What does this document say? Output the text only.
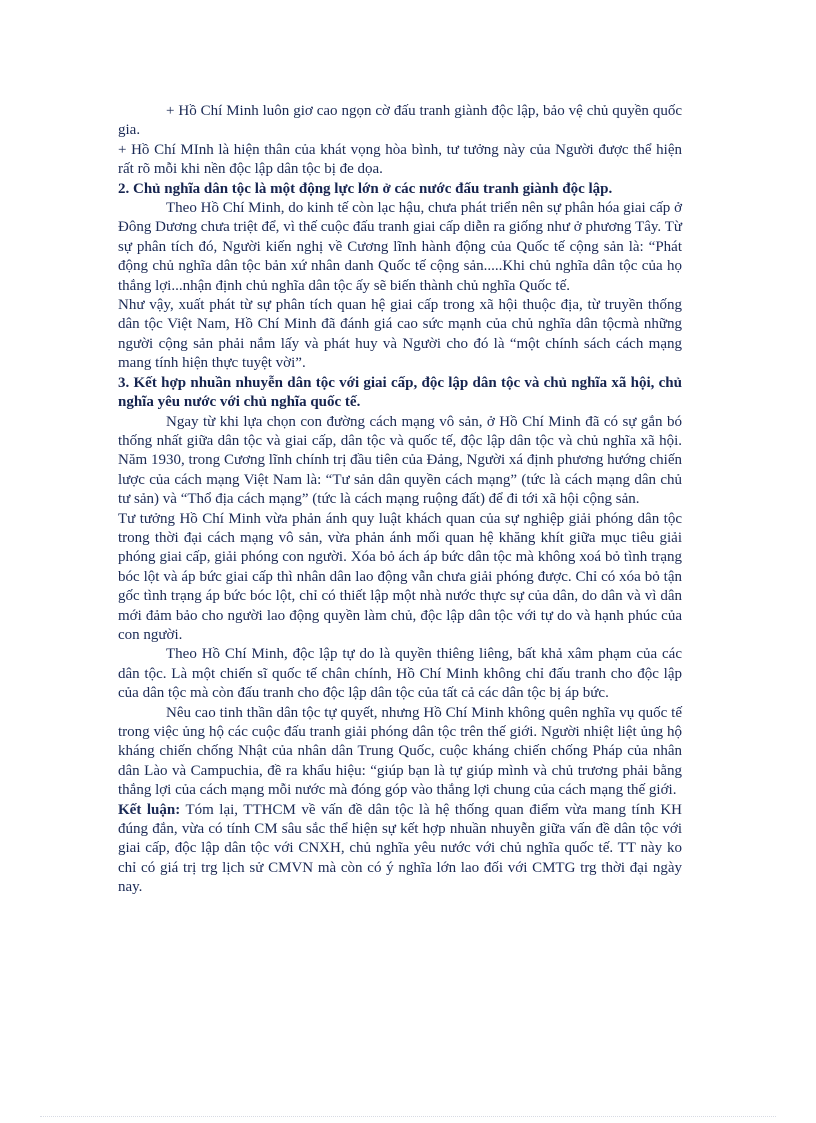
+ Hồ Chí Minh luôn giơ cao ngọn cờ đấu tranh giành độc lập, bảo vệ chủ quyền quốc gia.

+ Hồ Chí MInh là hiện thân của khát vọng hòa bình, tư tưởng này của Người được thể hiện rất rõ mỗi khi nền độc lập dân tộc bị đe dọa.

2. Chủ nghĩa dân tộc là một động lực lớn ở các nước đấu tranh giành độc lập.

Theo Hồ Chí Minh, do kinh tế còn lạc hậu, chưa phát triển nên sự phân hóa giai cấp ở Đông Dương chưa triệt để, vì thế cuộc đấu tranh giai cấp diễn ra giống như ở phương Tây. Từ sự phân tích đó, Người kiến nghị về Cương lĩnh hành động của Quốc tế cộng sản là: “Phát động chủ nghĩa dân tộc bản xứ nhân danh Quốc tế cộng sản.....Khi chủ nghĩa dân tộc của họ thắng lợi...nhận định chủ nghĩa dân tộc ấy sẽ biến thành chủ nghĩa Quốc tế.

Như vậy, xuất phát từ sự phân tích quan hệ giai cấp trong xã hội thuộc địa, từ truyền thống dân tộc Việt Nam, Hồ Chí Minh đã đánh giá cao sức mạnh của chủ nghĩa dân tộcmà những người cộng sản phải nắm lấy và phát huy và Người cho đó là “một chính sách cách mạng mang tính hiện thực tuyệt vời”.

3. Kết hợp nhuần nhuyễn dân tộc với giai cấp, độc lập dân tộc và chủ nghĩa xã hội, chủ nghĩa yêu nước với chủ nghĩa quốc tế.

Ngay từ khi lựa chọn con đường cách mạng vô sản, ở Hồ Chí Minh đã có sự gắn bó thống nhất giữa dân tộc và giai cấp, dân tộc và quốc tế, độc lập dân tộc và chủ nghĩa xã hội. Năm 1930, trong Cương lĩnh chính trị đầu tiên của Đảng, Người xá định phương hướng chiến lược của cách mạng Việt Nam là: “Tư sản dân quyền cách mạng” (tức là cách mạng dân chủ tư sản) và “Thổ địa cách mạng” (tức là cách mạng ruộng đất) để đi tới xã hội cộng sản.

Tư tưởng Hồ Chí Minh vừa phản ánh quy luật khách quan của sự nghiệp giải phóng dân tộc trong thời đại cách mạng vô sản, vừa phản ánh mối quan hệ khăng khít giữa mục tiêu giải phóng giai cấp, giải phóng con người. Xóa bỏ ách áp bức dân tộc mà không xoá bỏ tình trạng bóc lột và áp bức giai cấp thì nhân dân lao động vẫn chưa giải phóng được. Chỉ có xóa bỏ tận gốc tình trạng áp bức bóc lột, chỉ có thiết lập một nhà nước thực sự của dân, do dân và vì dân mới đảm bảo cho người lao động quyền làm chủ, độc lập dân tộc với tự do và hạnh phúc của con người.

Theo Hồ Chí Minh, độc lập tự do là quyền thiêng liêng, bất khả xâm phạm của các dân tộc. Là một chiến sĩ quốc tế chân chính, Hồ Chí Minh không chỉ đấu tranh cho độc lập của dân tộc mà còn đấu tranh cho độc lập dân tộc của tất cả các dân tộc bị áp bức.

Nêu cao tinh thần dân tộc tự quyết, nhưng Hồ Chí Minh không quên nghĩa vụ quốc tế trong việc ủng hộ các cuộc đấu tranh giải phóng dân tộc trên thế giới. Người nhiệt liệt ủng hộ kháng chiến chống Nhật của nhân dân Trung Quốc, cuộc kháng chiến chống Pháp của nhân dân Lào và Campuchia, đề ra khẩu hiệu: “giúp bạn là tự giúp mình và chủ trương phải bằng thắng lợi của cách mạng mỗi nước mà đóng góp vào thắng lợi chung của cách mạng thế giới.

Kết luận: Tóm lại, TTHCM về vấn đề dân tộc là hệ thống quan điểm vừa mang tính KH đúng đắn, vừa có tính CM sâu sắc thể hiện sự kết hợp nhuần nhuyễn giữa vấn đề dân tộc với giai cấp, độc lập dân tộc với CNXH, chủ nghĩa yêu nước với chủ nghĩa quốc tế. TT này ko chỉ có giá trị trg lịch sử CMVN mà còn có ý nghĩa lớn lao đối với CMTG trg thời đại ngày nay.
